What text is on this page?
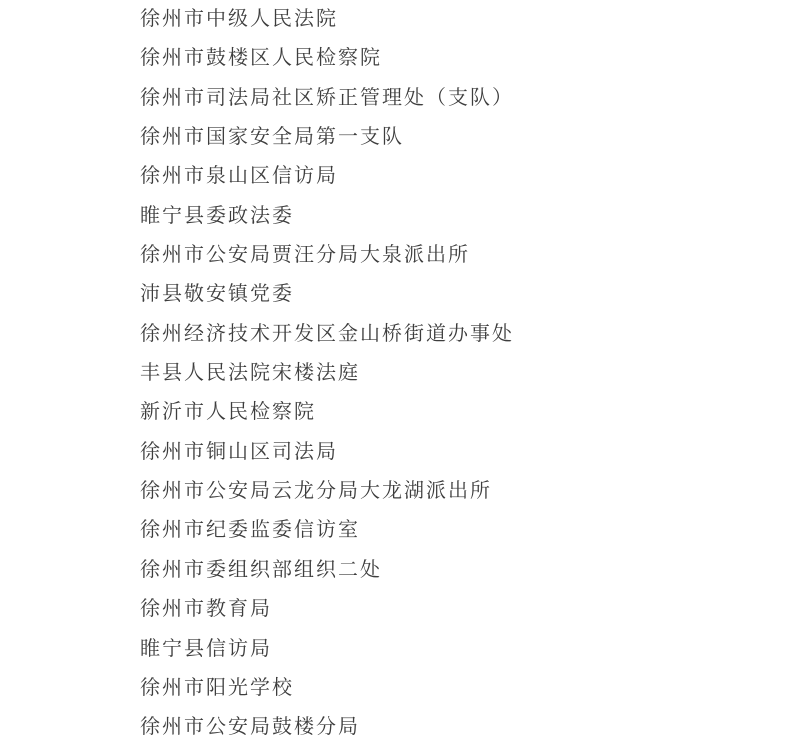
徐州市中级人民法院
徐州市鼓楼区人民检察院
徐州市司法局社区矫正管理处（支队）
徐州市国家安全局第一支队
徐州市泉山区信访局
睢宁县委政法委
徐州市公安局贾汪分局大泉派出所
沛县敬安镇党委
徐州经济技术开发区金山桥街道办事处
丰县人民法院宋楼法庭
新沂市人民检察院
徐州市铜山区司法局
徐州市公安局云龙分局大龙湖派出所
徐州市纪委监委信访室
徐州市委组织部组织二处
徐州市教育局
睢宁县信访局
徐州市阳光学校
徐州市公安局鼓楼分局
